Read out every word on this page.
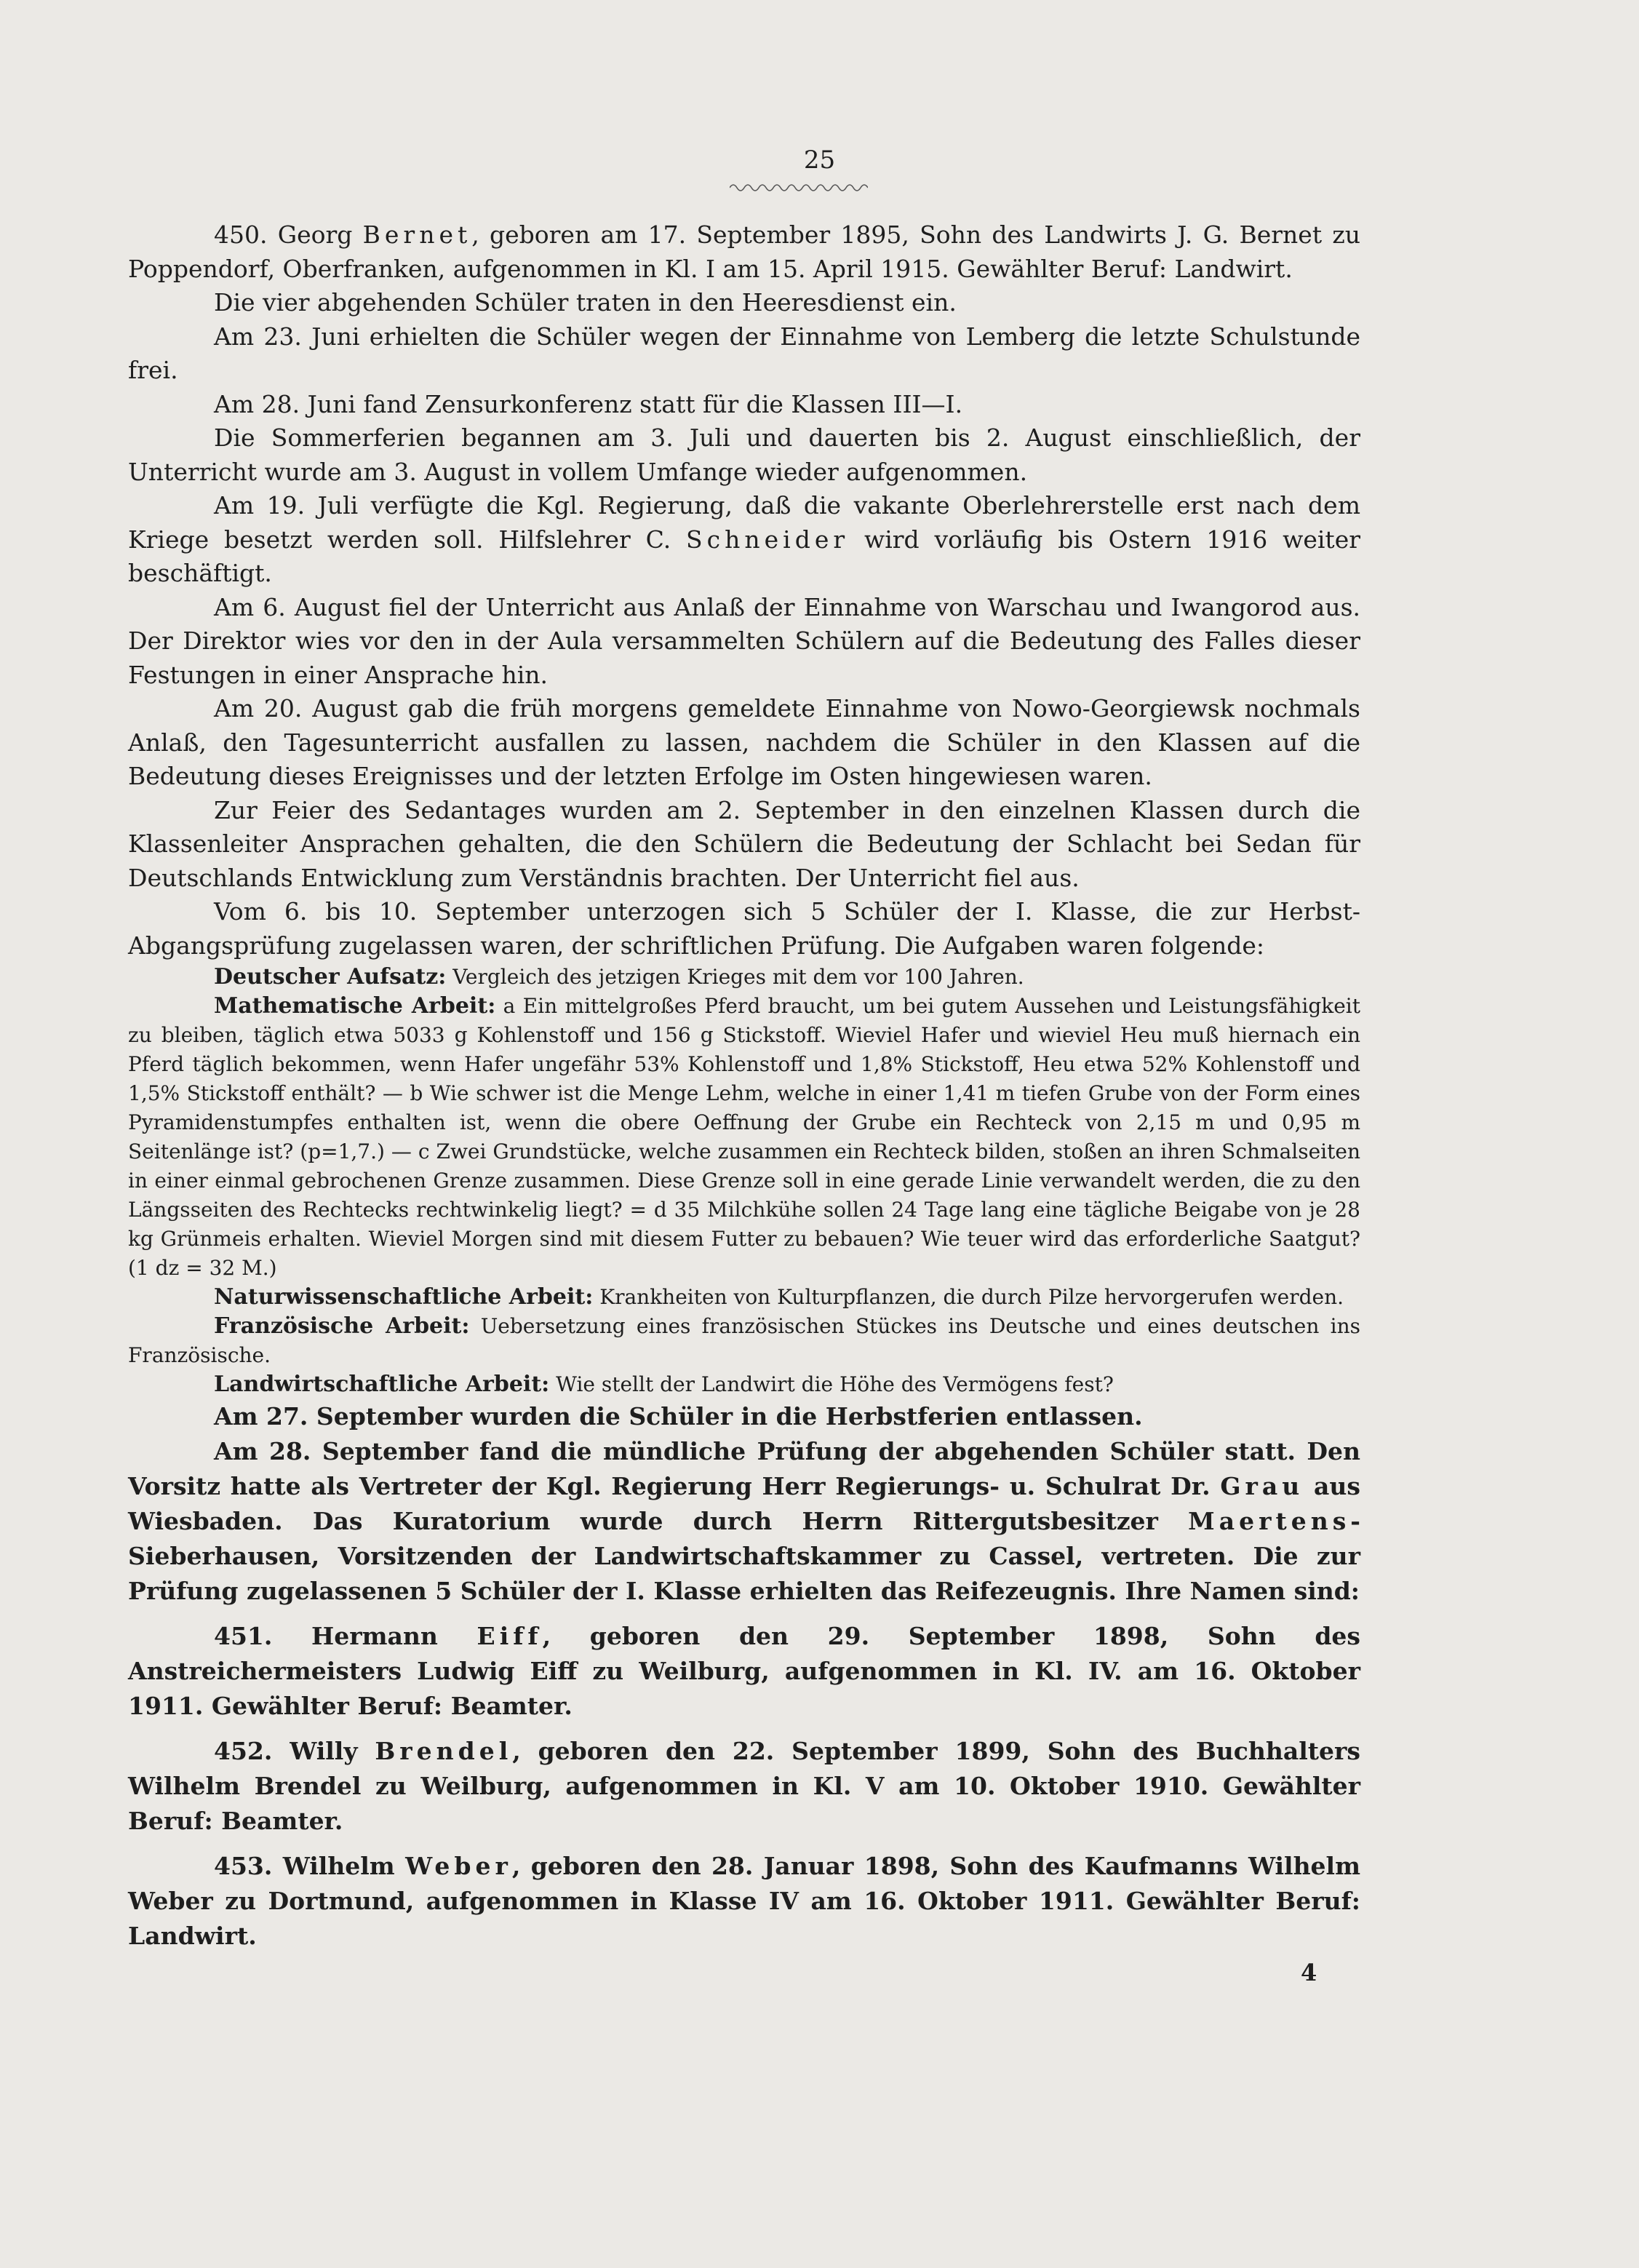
25

450. Georg Bernet, geboren am 17. September 1895, Sohn des Landwirts J. G. Bernet zu Poppendorf, Oberfranken, aufgenommen in Kl. I am 15. April 1915. Gewählter Beruf: Landwirt.

Die vier abgehenden Schüler traten in den Heeresdienst ein.

Am 23. Juni erhielten die Schüler wegen der Einnahme von Lemberg die letzte Schulstunde frei.

Am 28. Juni fand Zensurkonferenz statt für die Klassen III—I.

Die Sommerferien begannen am 3. Juli und dauerten bis 2. August einschließlich, der Unterricht wurde am 3. August in vollem Umfange wieder aufgenommen.

Am 19. Juli verfügte die Kgl. Regierung, daß die vakante Oberlehrerstelle erst nach dem Kriege besetzt werden soll. Hilfslehrer C. Schneider wird vorläufig bis Ostern 1916 weiter beschäftigt.

Am 6. August fiel der Unterricht aus Anlaß der Einnahme von Warschau und Iwangorod aus. Der Direktor wies vor den in der Aula versammelten Schülern auf die Bedeutung des Falles dieser Festungen in einer Ansprache hin.

Am 20. August gab die früh morgens gemeldete Einnahme von Nowo-Georgiewsk nochmals Anlaß, den Tagesunterricht ausfallen zu lassen, nachdem die Schüler in den Klassen auf die Bedeutung dieses Ereignisses und der letzten Erfolge im Osten hingewiesen waren.

Zur Feier des Sedantages wurden am 2. September in den einzelnen Klassen durch die Klassenleiter Ansprachen gehalten, die den Schülern die Bedeutung der Schlacht bei Sedan für Deutschlands Entwicklung zum Verständnis brachten. Der Unterricht fiel aus.

Vom 6. bis 10. September unterzogen sich 5 Schüler der I. Klasse, die zur Herbst-Abgangsprüfung zugelassen waren, der schriftlichen Prüfung. Die Aufgaben waren folgende:

Deutscher Aufsatz: Vergleich des jetzigen Krieges mit dem vor 100 Jahren.

Mathematische Arbeit: a Ein mittelgroßes Pferd braucht, um bei gutem Aussehen und Leistungsfähigkeit zu bleiben, täglich etwa 5033 g Kohlenstoff und 156 g Stickstoff. Wieviel Hafer und wieviel Heu muß hiernach ein Pferd täglich bekommen, wenn Hafer ungefähr 53% Kohlenstoff und 1,8% Stickstoff, Heu etwa 52% Kohlenstoff und 1,5% Stickstoff enthält? — b Wie schwer ist die Menge Lehm, welche in einer 1,41 m tiefen Grube von der Form eines Pyramidenstumpfes enthalten ist, wenn die obere Oeffnung der Grube ein Rechteck von 2,15 m und 0,95 m Seitenlänge ist? (p=1,7.) — c Zwei Grundstücke, welche zusammen ein Rechteck bilden, stoßen an ihren Schmalseiten in einer einmal gebrochenen Grenze zusammen. Diese Grenze soll in eine gerade Linie verwandelt werden, die zu den Längsseiten des Rechtecks rechtwinkelig liegt? = d 35 Milchkühe sollen 24 Tage lang eine tägliche Beigabe von je 28 kg Grünmeis erhalten. Wieviel Morgen sind mit diesem Futter zu bebauen? Wie teuer wird das erforderliche Saatgut? (1 dz = 32 M.)

Naturwissenschaftliche Arbeit: Krankheiten von Kulturpflanzen, die durch Pilze hervorgerufen werden.

Französische Arbeit: Uebersetzung eines französischen Stückes ins Deutsche und eines deutschen ins Französische.

Landwirtschaftliche Arbeit: Wie stellt der Landwirt die Höhe des Vermögens fest?

Am 27. September wurden die Schüler in die Herbstferien entlassen.

Am 28. September fand die mündliche Prüfung der abgehenden Schüler statt. Den Vorsitz hatte als Vertreter der Kgl. Regierung Herr Regierungs- u. Schulrat Dr. Grau aus Wiesbaden. Das Kuratorium wurde durch Herrn Rittergutsbesitzer Maertens-Sieberhausen, Vorsitzenden der Landwirtschaftskammer zu Cassel, vertreten. Die zur Prüfung zugelassenen 5 Schüler der I. Klasse erhielten das Reifezeugnis. Ihre Namen sind:

451. Hermann Eiff, geboren den 29. September 1898, Sohn des Anstreichermeisters Ludwig Eiff zu Weilburg, aufgenommen in Kl. IV. am 16. Oktober 1911. Gewählter Beruf: Beamter.

452. Willy Brendel, geboren den 22. September 1899, Sohn des Buchhalters Wilhelm Brendel zu Weilburg, aufgenommen in Kl. V am 10. Oktober 1910. Gewählter Beruf: Beamter.

453. Wilhelm Weber, geboren den 28. Januar 1898, Sohn des Kaufmanns Wilhelm Weber zu Dortmund, aufgenommen in Klasse IV am 16. Oktober 1911. Gewählter Beruf: Landwirt.

4
